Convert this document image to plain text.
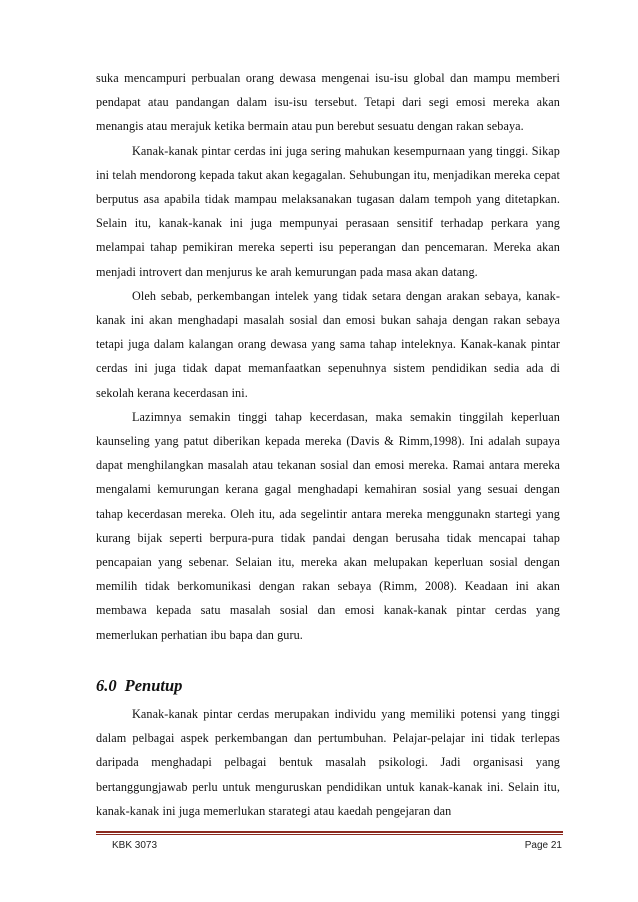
suka mencampuri perbualan orang dewasa mengenai isu-isu global dan mampu memberi pendapat atau pandangan dalam isu-isu tersebut. Tetapi dari segi emosi mereka akan menangis atau merajuk ketika bermain atau pun berebut sesuatu dengan rakan sebaya.

Kanak-kanak pintar cerdas ini juga sering mahukan kesempurnaan yang tinggi. Sikap ini telah mendorong kepada takut akan kegagalan. Sehubungan itu, menjadikan mereka cepat berputus asa apabila tidak mampau melaksanakan tugasan dalam tempoh yang ditetapkan. Selain itu, kanak-kanak ini juga mempunyai perasaan sensitif terhadap perkara yang melampai tahap pemikiran mereka seperti isu peperangan dan pencemaran. Mereka akan menjadi introvert dan menjurus ke arah kemurungan pada masa akan datang.

Oleh sebab, perkembangan intelek yang tidak setara dengan arakan sebaya, kanak-kanak ini akan menghadapi masalah sosial dan emosi bukan sahaja dengan rakan sebaya tetapi juga dalam kalangan orang dewasa yang sama tahap inteleknya. Kanak-kanak pintar cerdas ini juga tidak dapat memanfaatkan sepenuhnya sistem pendidikan sedia ada di sekolah kerana kecerdasan ini.

Lazimnya semakin tinggi tahap kecerdasan, maka semakin tinggilah keperluan kaunseling yang patut diberikan kepada mereka (Davis & Rimm,1998). Ini adalah supaya dapat menghilangkan masalah atau tekanan sosial dan emosi mereka. Ramai antara mereka mengalami kemurungan kerana gagal menghadapi kemahiran sosial yang sesuai dengan tahap kecerdasan mereka. Oleh itu, ada segelintir antara mereka menggunakn startegi yang kurang bijak seperti berpura-pura tidak pandai dengan berusaha tidak mencapai tahap pencapaian yang sebenar. Selaian itu, mereka akan melupakan keperluan sosial dengan memilih tidak berkomunikasi dengan rakan sebaya (Rimm, 2008). Keadaan ini akan membawa kepada satu masalah sosial dan emosi kanak-kanak pintar cerdas yang memerlukan perhatian ibu bapa dan guru.

6.0 Penutup

Kanak-kanak pintar cerdas merupakan individu yang memiliki potensi yang tinggi dalam pelbagai aspek perkembangan dan pertumbuhan. Pelajar-pelajar ini tidak terlepas daripada menghadapi pelbagai bentuk masalah psikologi. Jadi organisasi yang bertanggungjawab perlu untuk menguruskan pendidikan untuk kanak-kanak ini. Selain itu, kanak-kanak ini juga memerlukan starategi atau kaedah pengejaran dan

KBK 3073	Page 21
